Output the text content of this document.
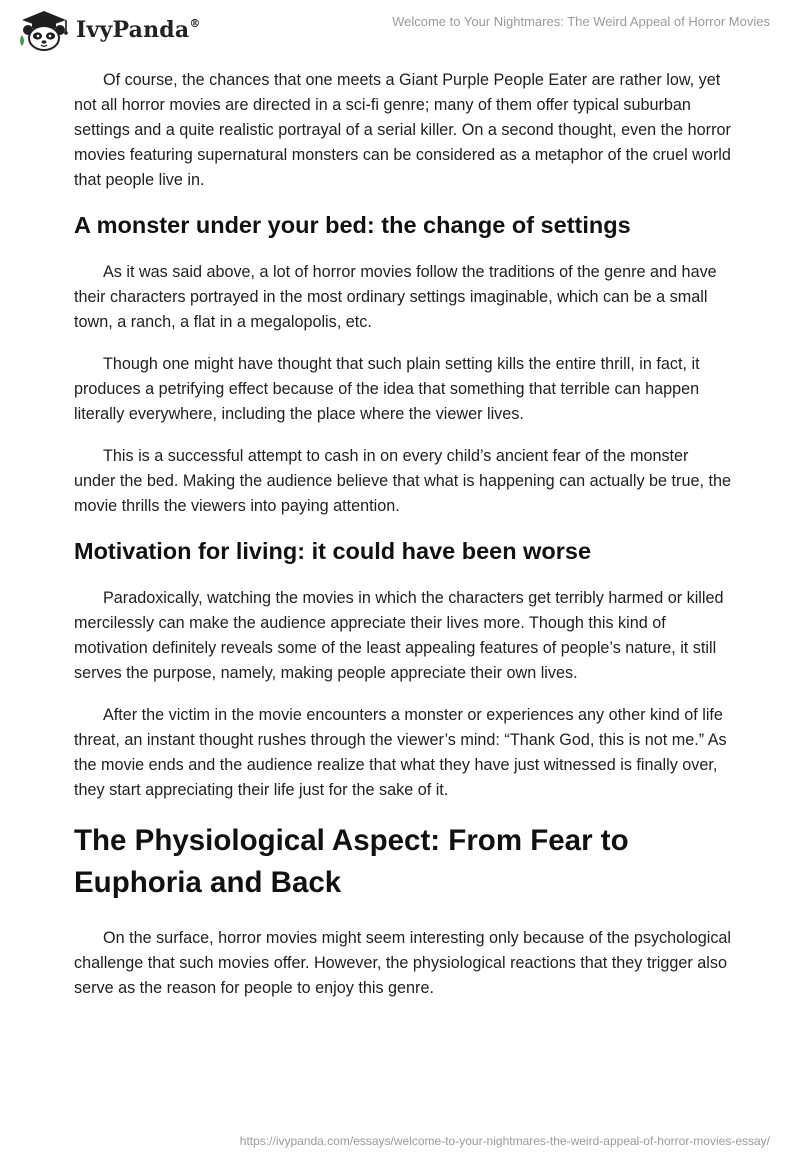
IvyPanda®	Welcome to Your Nightmares: The Weird Appeal of Horror Movies

Of course, the chances that one meets a Giant Purple People Eater are rather low, yet not all horror movies are directed in a sci-fi genre; many of them offer typical suburban settings and a quite realistic portrayal of a serial killer. On a second thought, even the horror movies featuring supernatural monsters can be considered as a metaphor of the cruel world that people live in.

A monster under your bed: the change of settings

As it was said above, a lot of horror movies follow the traditions of the genre and have their characters portrayed in the most ordinary settings imaginable, which can be a small town, a ranch, a flat in a megalopolis, etc.

Though one might have thought that such plain setting kills the entire thrill, in fact, it produces a petrifying effect because of the idea that something that terrible can happen literally everywhere, including the place where the viewer lives.

This is a successful attempt to cash in on every child’s ancient fear of the monster under the bed. Making the audience believe that what is happening can actually be true, the movie thrills the viewers into paying attention.

Motivation for living: it could have been worse

Paradoxically, watching the movies in which the characters get terribly harmed or killed mercilessly can make the audience appreciate their lives more. Though this kind of motivation definitely reveals some of the least appealing features of people’s nature, it still serves the purpose, namely, making people appreciate their own lives.

After the victim in the movie encounters a monster or experiences any other kind of life threat, an instant thought rushes through the viewer’s mind: “Thank God, this is not me.” As the movie ends and the audience realize that what they have just witnessed is finally over, they start appreciating their life just for the sake of it.

The Physiological Aspect: From Fear to Euphoria and Back

On the surface, horror movies might seem interesting only because of the psychological challenge that such movies offer. However, the physiological reactions that they trigger also serve as the reason for people to enjoy this genre.

https://ivypanda.com/essays/welcome-to-your-nightmares-the-weird-appeal-of-horror-movies-essay/
